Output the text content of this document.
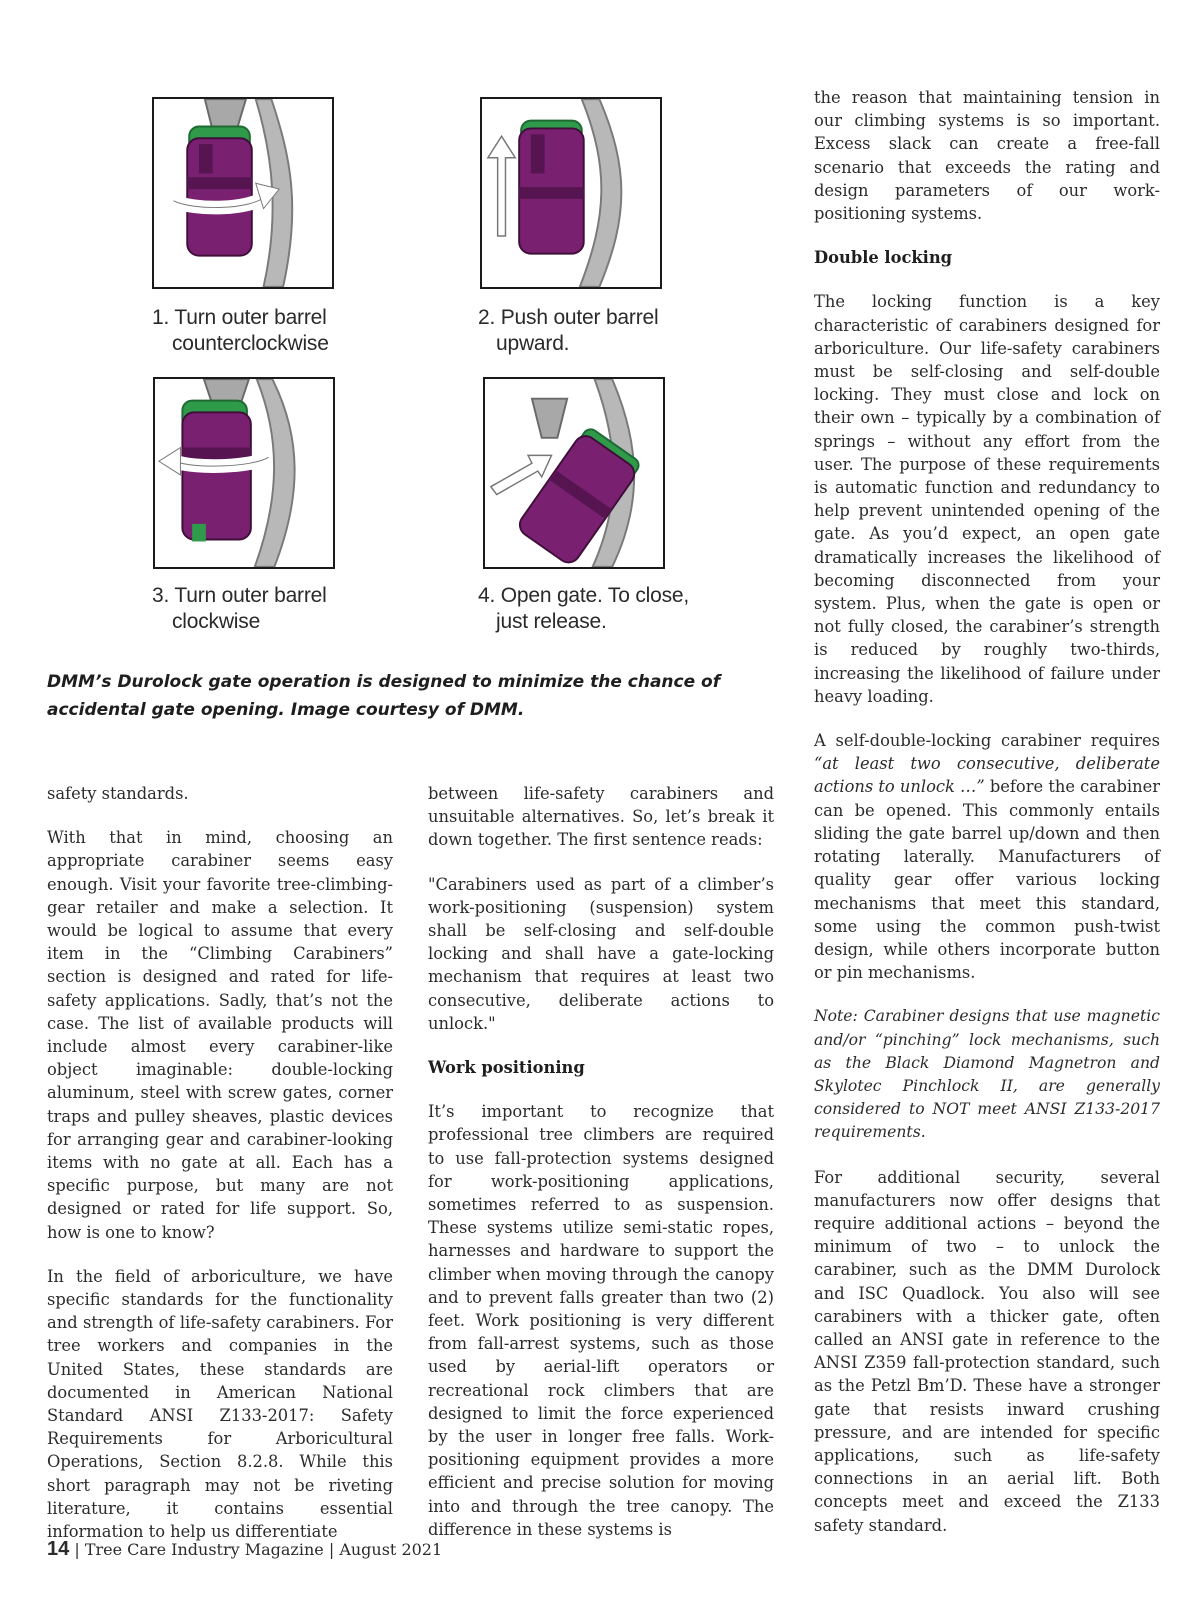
1. Turn outer barrel
counterclockwise
2. Push outer barrel
upward.
3. Turn outer barrel
clockwise
4. Open gate. To close,
just release.
DMM’s Durolock gate operation is designed to minimize the chance of accidental gate opening. Image courtesy of DMM.

safety standards.

With that in mind, choosing an appropriate carabiner seems easy enough. Visit your favorite tree-climbing-gear retailer and make a selection. It would be logical to assume that every item in the “Climbing Carabiners” section is designed and rated for life-safety applications. Sadly, that’s not the case. The list of available products will include almost every carabiner-like object imaginable: double-locking aluminum, steel with screw gates, corner traps and pulley sheaves, plastic devices for arranging gear and carabiner-looking items with no gate at all. Each has a specific purpose, but many are not designed or rated for life support. So, how is one to know?

In the field of arboriculture, we have specific standards for the functionality and strength of life-safety carabiners. For tree workers and companies in the United States, these standards are documented in American National Standard ANSI Z133-2017: Safety Requirements for Arboricultural Operations, Section 8.2.8. While this short paragraph may not be riveting literature, it contains essential information to help us differentiate

between life-safety carabiners and unsuitable alternatives. So, let’s break it down together. The first sentence reads:

"Carabiners used as part of a climber’s work-positioning (suspension) system shall be self-closing and self-double locking and shall have a gate-locking mechanism that requires at least two consecutive, deliberate actions to unlock."

Work positioning

It’s important to recognize that professional tree climbers are required to use fall-protection systems designed for work-positioning applications, sometimes referred to as suspension. These systems utilize semi-static ropes, harnesses and hardware to support the climber when moving through the canopy and to prevent falls greater than two (2) feet. Work positioning is very different from fall-arrest systems, such as those used by aerial-lift operators or recreational rock climbers that are designed to limit the force experienced by the user in longer free falls. Work-positioning equipment provides a more efficient and precise solution for moving into and through the tree canopy. The difference in these systems is

the reason that maintaining tension in our climbing systems is so important. Excess slack can create a free-fall scenario that exceeds the rating and design parameters of our work-positioning systems.

Double locking

The locking function is a key characteristic of carabiners designed for arboriculture. Our life-safety carabiners must be self-closing and self-double locking. They must close and lock on their own – typically by a combination of springs – without any effort from the user. The purpose of these requirements is automatic function and redundancy to help prevent unintended opening of the gate. As you’d expect, an open gate dramatically increases the likelihood of becoming disconnected from your system. Plus, when the gate is open or not fully closed, the carabiner’s strength is reduced by roughly two-thirds, increasing the likelihood of failure under heavy loading.

A self-double-locking carabiner requires “at least two consecutive, deliberate actions to unlock …” before the carabiner can be opened. This commonly entails sliding the gate barrel up/down and then rotating laterally. Manufacturers of quality gear offer various locking mechanisms that meet this standard, some using the common push-twist design, while others incorporate button or pin mechanisms.

Note: Carabiner designs that use magnetic and/or “pinching” lock mechanisms, such as the Black Diamond Magnetron and Skylotec Pinchlock II, are generally considered to NOT meet ANSI Z133-2017 requirements.

For additional security, several manufacturers now offer designs that require additional actions – beyond the minimum of two – to unlock the carabiner, such as the DMM Durolock and ISC Quadlock. You also will see carabiners with a thicker gate, often called an ANSI gate in reference to the ANSI Z359 fall-protection standard, such as the Petzl Bm’D. These have a stronger gate that resists inward crushing pressure, and are intended for specific applications, such as life-safety connections in an aerial lift. Both concepts meet and exceed the Z133 safety standard.

14 | Tree Care Industry Magazine | August 2021
